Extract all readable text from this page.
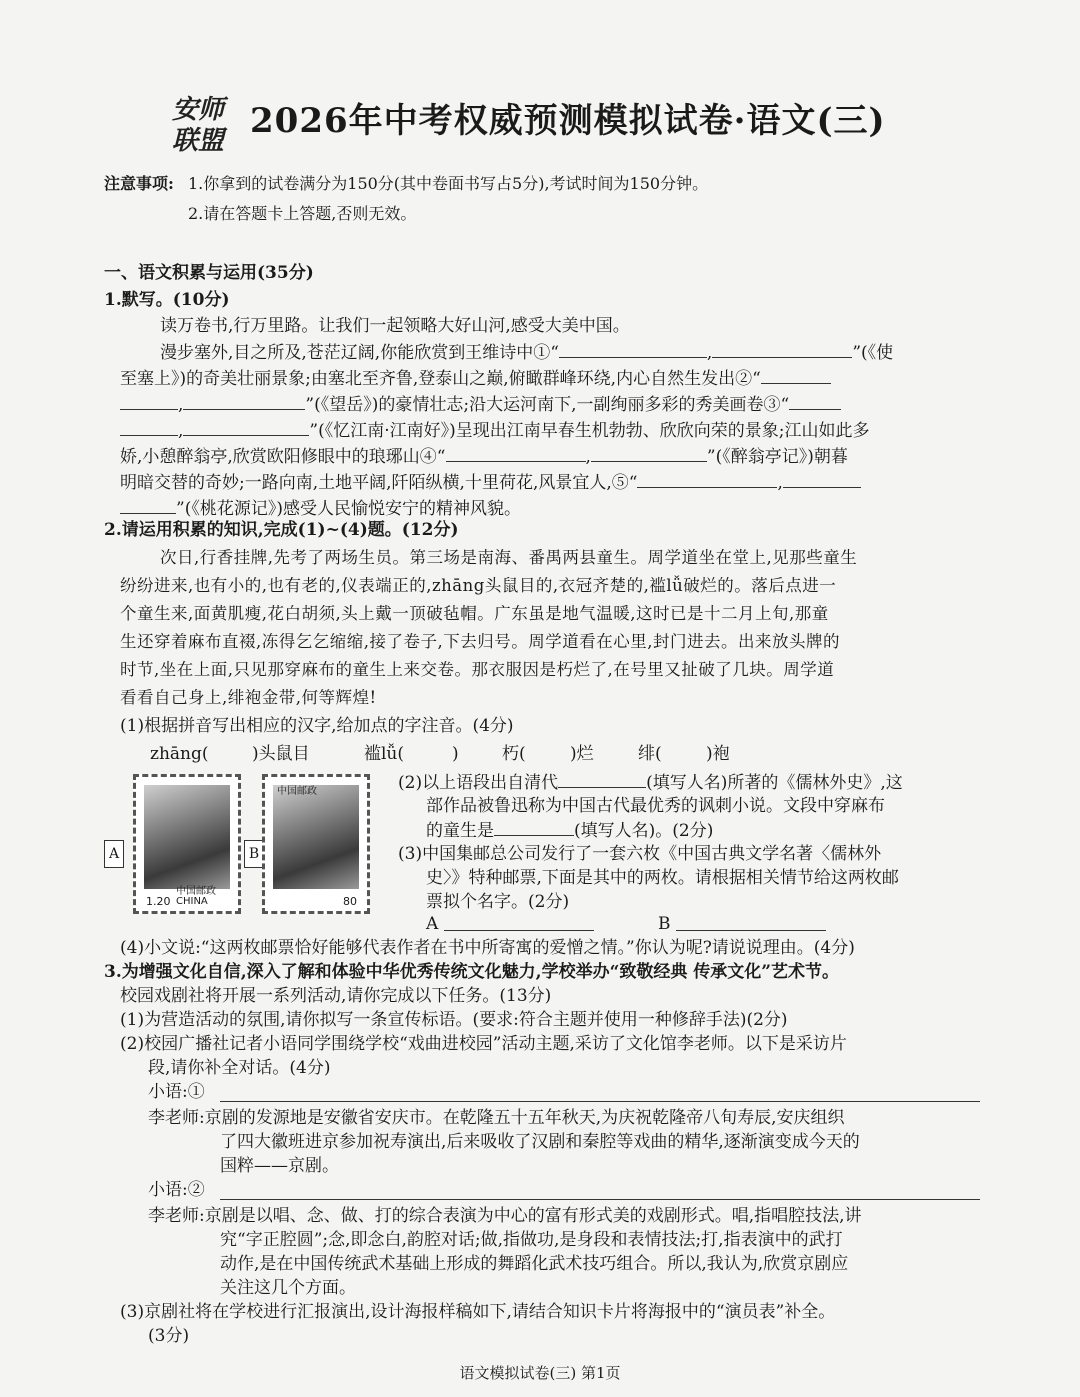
安师
联盟 2026年中考权威预测模拟试卷·语文(三)
注意事项: 1.你拿到的试卷满分为150分(其中卷面书写占5分),考试时间为150分钟。
2.请在答题卡上答题,否则无效。
一、语文积累与运用(35分)
1.默写。(10分)
读万卷书,行万里路。让我们一起领略大好山河,感受大美中国。
漫步塞外,目之所及,苍茫辽阔,你能欣赏到王维诗中①“	,	”(《使
至塞上》)的奇美壮丽景象;由塞北至齐鲁,登泰山之巅,俯瞰群峰环绕,内心自然生发出②“
,	”(《望岳》)的豪情壮志;沿大运河南下,一副绚丽多彩的秀美画卷③“
,	”(《忆江南·江南好》)呈现出江南早春生机勃勃、欣欣向荣的景象;江山如此多
娇,小憩醉翁亭,欣赏欧阳修眼中的琅琊山④“	,	”(《醉翁亭记》)朝暮
明暗交替的奇妙;一路向南,土地平阔,阡陌纵横,十里荷花,风景宜人,⑤“	,
”(《桃花源记》)感受人民愉悦安宁的精神风貌。
2.请运用积累的知识,完成(1)~(4)题。(12分)
次日,行香挂牌,先考了两场生员。第三场是南海、番禺两县童生。周学道坐在堂上,见那些童生
纷纷进来,也有小的,也有老的,仪表端正的,zhāng头鼠目的,衣冠齐楚的,褴lǚ破烂的。落后点进一
个童生来,面黄肌瘦,花白胡须,头上戴一顶破毡帽。广东虽是地气温暖,这时已是十二月上旬,那童
生还穿着麻布直裰,冻得乞乞缩缩,接了卷子,下去归号。周学道看在心里,封门进去。出来放头牌的
时节,坐在上面,只见那穿麻布的童生上来交卷。那衣服因是朽烂了,在号里又扯破了几块。周学道
看看自己身上,绯袍金带,何等辉煌!
(1)根据拼音写出相应的汉字,给加点的字注音。(4分)
zhāng(	)头鼠目	褴lǚ(	)	朽(	)烂	绯(	)袍
A
1.20
中国邮政CHINA
B
中国邮政
80
(2)以上语段出自清代	(填写人名)所著的《儒林外史》,这
部作品被鲁迅称为中国古代最优秀的讽刺小说。文段中穿麻布
的童生是	(填写人名)。(2分)
(3)中国集邮总公司发行了一套六枚《中国古典文学名著〈儒林外
史〉》特种邮票,下面是其中的两枚。请根据相关情节给这两枚邮
票拟个名字。(2分)
A	B
(4)小文说:“这两枚邮票恰好能够代表作者在书中所寄寓的爱憎之情。”你认为呢?请说说理由。(4分)
3.为增强文化自信,深入了解和体验中华优秀传统文化魅力,学校举办“致敬经典 传承文化”艺术节。
校园戏剧社将开展一系列活动,请你完成以下任务。(13分)
(1)为营造活动的氛围,请你拟写一条宣传标语。(要求:符合主题并使用一种修辞手法)(2分)
(2)校园广播社记者小语同学围绕学校“戏曲进校园”活动主题,采访了文化馆李老师。以下是采访片
段,请你补全对话。(4分)
小语:①
李老师:京剧的发源地是安徽省安庆市。在乾隆五十五年秋天,为庆祝乾隆帝八旬寿辰,安庆组织
了四大徽班进京参加祝寿演出,后来吸收了汉剧和秦腔等戏曲的精华,逐渐演变成今天的
国粹——京剧。
小语:②
李老师:京剧是以唱、念、做、打的综合表演为中心的富有形式美的戏剧形式。唱,指唱腔技法,讲
究“字正腔圆”;念,即念白,韵腔对话;做,指做功,是身段和表情技法;打,指表演中的武打
动作,是在中国传统武术基础上形成的舞蹈化武术技巧组合。所以,我认为,欣赏京剧应
关注这几个方面。
(3)京剧社将在学校进行汇报演出,设计海报样稿如下,请结合知识卡片将海报中的“演员表”补全。
(3分)
语文模拟试卷(三) 第1页
